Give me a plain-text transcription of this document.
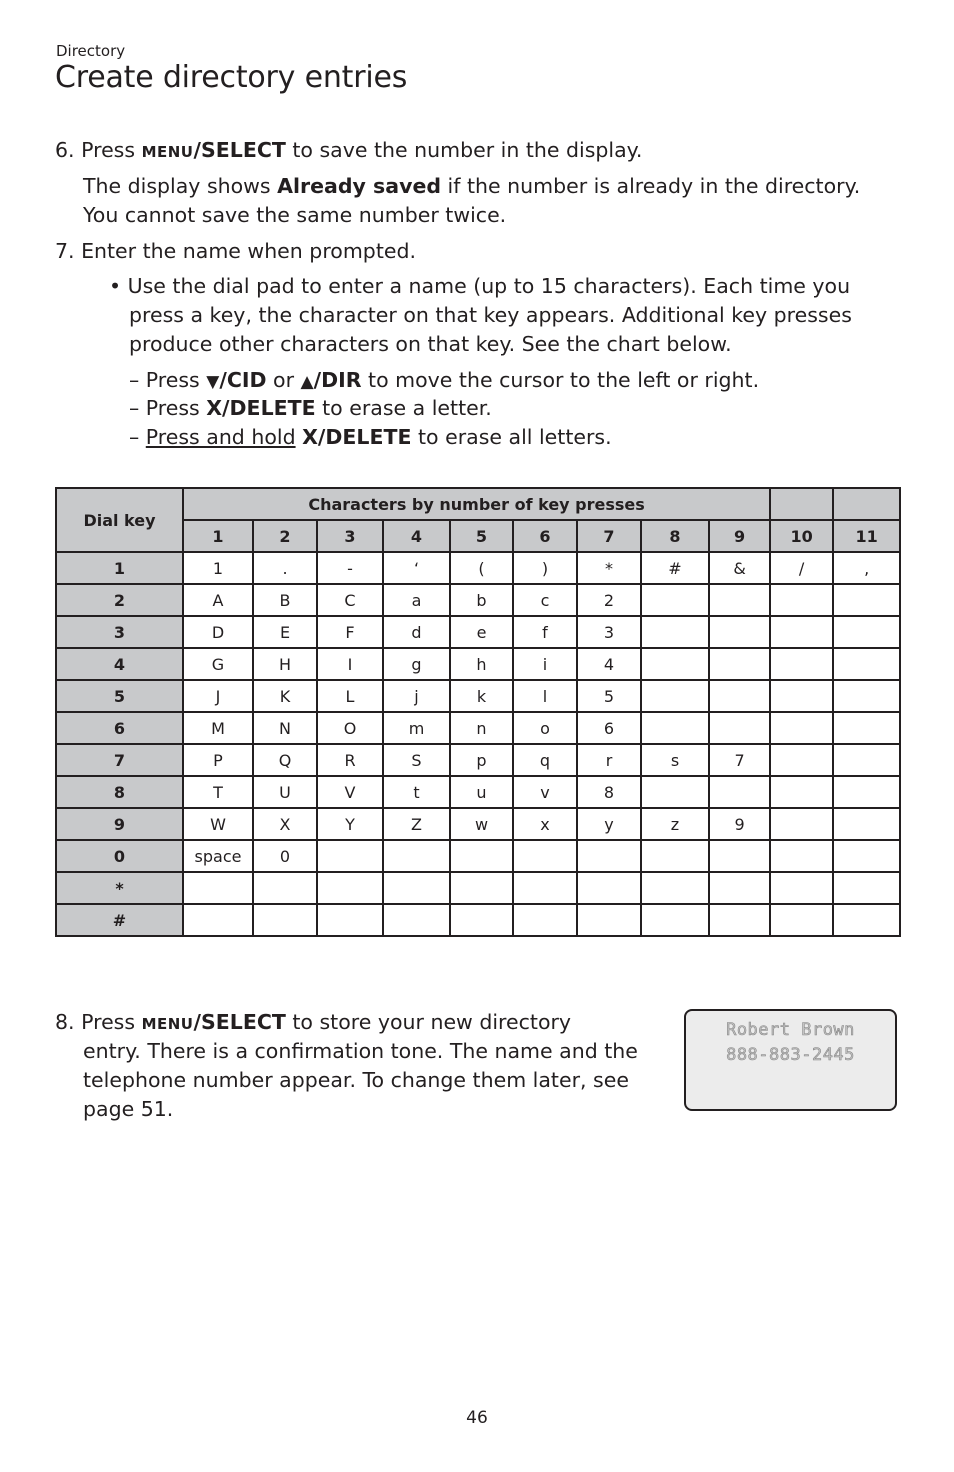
Directory
Create directory entries
6. Press MENU/SELECT to save the number in the display.
The display shows Already saved if the number is already in the directory.
You cannot save the same number twice.
7. Enter the name when prompted.
• Use the dial pad to enter a name (up to 15 characters). Each time you
press a key, the character on that key appears. Additional key presses
produce other characters on that key. See the chart below.
– Press ▼/CID or ▲/DIR to move the cursor to the left or right.
– Press X/DELETE to erase a letter.
– Press and hold X/DELETE to erase all letters.
Dial key	Characters by number of key presses										
	1	2	3	4	5	6	7	8	9	10	11
1	1	.	-	‘	(	)	*	#	&	/	,
2	A	B	C	a	b	c	2				
3	D	E	F	d	e	f	3				
4	G	H	I	g	h	i	4				
5	J	K	L	j	k	l	5				
6	M	N	O	m	n	o	6				
7	P	Q	R	S	p	q	r	s	7		
8	T	U	V	t	u	v	8				
9	W	X	Y	Z	w	x	y	z	9		
0	space	0									
*											
#											
8. Press MENU/SELECT to store your new directory
entry. There is a confirmation tone. The name and the
telephone number appear. To change them later, see
page 51.
Robert Brown
888-883-2445
46
